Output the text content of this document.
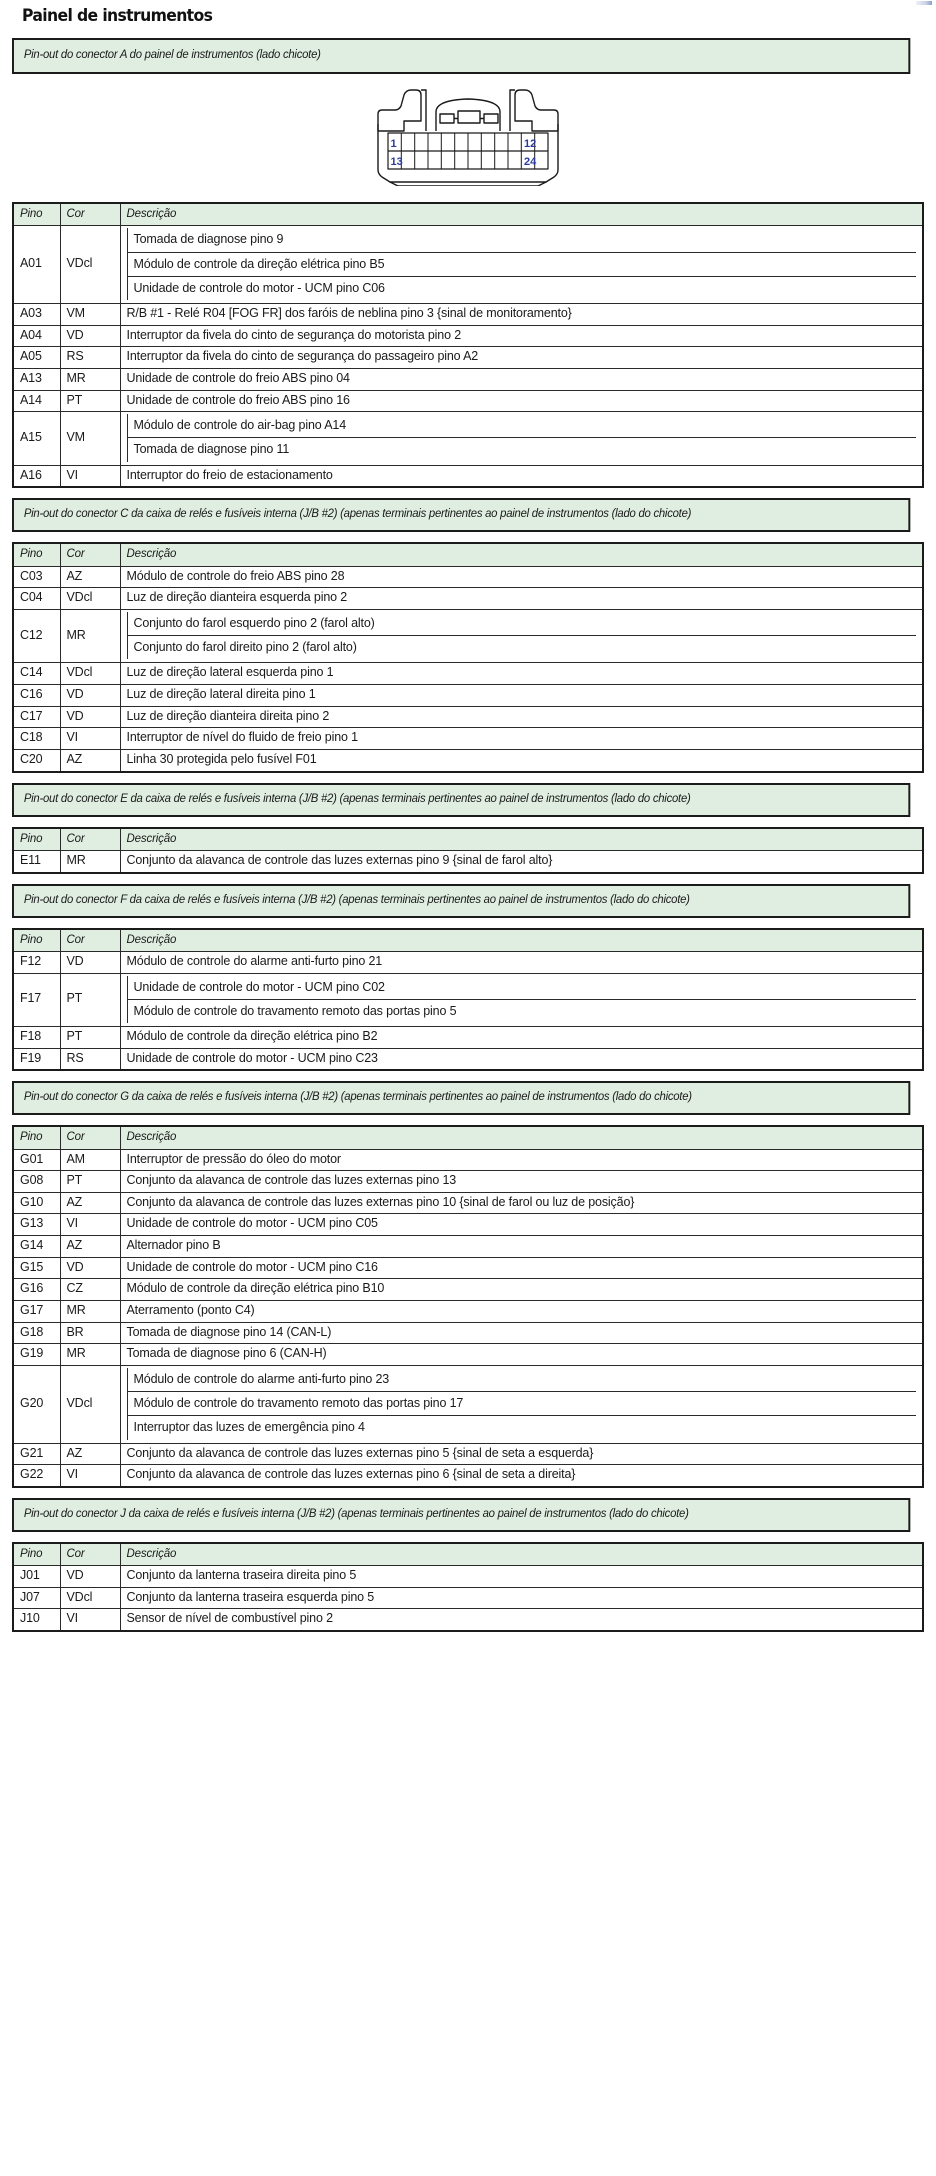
Painel de instrumentos
Pin-out do conector A do painel de instrumentos (lado chicote)
1	12
13	24
Pino	Cor	Descrição
A01	VDcl	Tomada de diagnose pino 9
Módulo de controle da direção elétrica pino B5
Unidade de controle do motor - UCM pino C06

A03	VM	R/B #1 - Relé R04 [FOG FR] dos faróis de neblina pino 3 {sinal de monitoramento}
A04	VD	Interruptor da fivela do cinto de segurança do motorista pino 2
A05	RS	Interruptor da fivela do cinto de segurança do passageiro pino A2
A13	MR	Unidade de controle do freio ABS pino 04
A14	PT	Unidade de controle do freio ABS pino 16
A15	VM	Módulo de controle do air-bag pino A14
Tomada de diagnose pino 11

A16	VI	Interruptor do freio de estacionamento
Pin-out do conector C da caixa de relés e fusíveis interna (J/B #2) (apenas terminais pertinentes ao painel de instrumentos (lado do chicote)
Pino	Cor	Descrição
C03	AZ	Módulo de controle do freio ABS pino 28
C04	VDcl	Luz de direção dianteira esquerda pino 2
C12	MR	Conjunto do farol esquerdo pino 2 (farol alto)
Conjunto do farol direito pino 2 (farol alto)

C14	VDcl	Luz de direção lateral esquerda pino 1
C16	VD	Luz de direção lateral direita pino 1
C17	VD	Luz de direção dianteira direita pino 2
C18	VI	Interruptor de nível do fluido de freio pino 1
C20	AZ	Linha 30 protegida pelo fusível F01
Pin-out do conector E da caixa de relés e fusíveis interna (J/B #2) (apenas terminais pertinentes ao painel de instrumentos (lado do chicote)
Pino	Cor	Descrição
E11	MR	Conjunto da alavanca de controle das luzes externas pino 9 {sinal de farol alto}
Pin-out do conector F da caixa de relés e fusíveis interna (J/B #2) (apenas terminais pertinentes ao painel de instrumentos (lado do chicote)
Pino	Cor	Descrição
F12	VD	Módulo de controle do alarme anti-furto pino 21
F17	PT	Unidade de controle do motor - UCM pino C02
Módulo de controle do travamento remoto das portas pino 5

F18	PT	Módulo de controle da direção elétrica pino B2
F19	RS	Unidade de controle do motor - UCM pino C23
Pin-out do conector G da caixa de relés e fusíveis interna (J/B #2) (apenas terminais pertinentes ao painel de instrumentos (lado do chicote)
Pino	Cor	Descrição
G01	AM	Interruptor de pressão do óleo do motor
G08	PT	Conjunto da alavanca de controle das luzes externas pino 13
G10	AZ	Conjunto da alavanca de controle das luzes externas pino 10 {sinal de farol ou luz de posição}
G13	VI	Unidade de controle do motor - UCM pino C05
G14	AZ	Alternador pino B
G15	VD	Unidade de controle do motor - UCM pino C16
G16	CZ	Módulo de controle da direção elétrica pino B10
G17	MR	Aterramento (ponto C4)
G18	BR	Tomada de diagnose pino 14 (CAN-L)
G19	MR	Tomada de diagnose pino 6 (CAN-H)
G20	VDcl	Módulo de controle do alarme anti-furto pino 23
Módulo de controle do travamento remoto das portas pino 17
Interruptor das luzes de emergência pino 4

G21	AZ	Conjunto da alavanca de controle das luzes externas pino 5 {sinal de seta a esquerda}
G22	VI	Conjunto da alavanca de controle das luzes externas pino 6 {sinal de seta a direita}
Pin-out do conector J da caixa de relés e fusíveis interna (J/B #2) (apenas terminais pertinentes ao painel de instrumentos (lado do chicote)
Pino	Cor	Descrição
J01	VD	Conjunto da lanterna traseira direita pino 5
J07	VDcl	Conjunto da lanterna traseira esquerda pino 5
J10	VI	Sensor de nível de combustível pino 2
